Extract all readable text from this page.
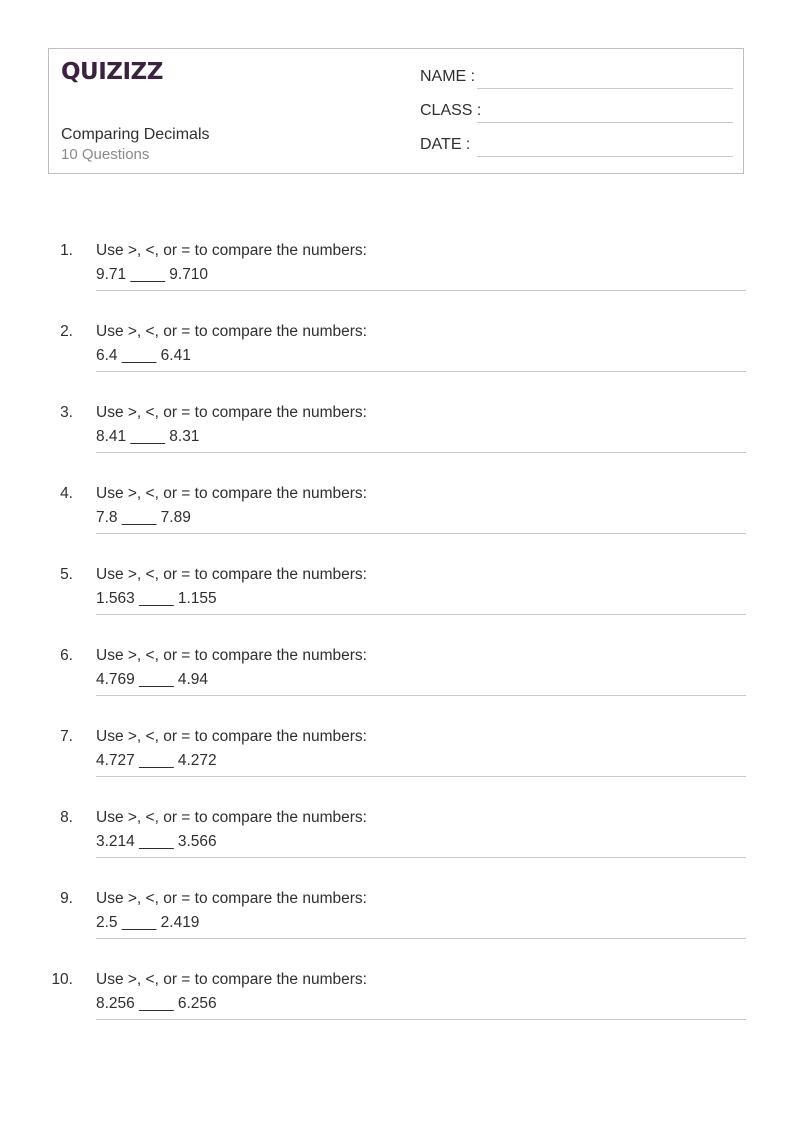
QUIZIZZ
Comparing Decimals
10 Questions
NAME :
CLASS :
DATE :
1. Use >, <, or = to compare the numbers:
9.71 ____ 9.710
2. Use >, <, or = to compare the numbers:
6.4 ____ 6.41
3. Use >, <, or = to compare the numbers:
8.41 ____ 8.31
4. Use >, <, or = to compare the numbers:
7.8 ____ 7.89
5. Use >, <, or = to compare the numbers:
1.563 ____ 1.155
6. Use >, <, or = to compare the numbers:
4.769 ____ 4.94
7. Use >, <, or = to compare the numbers:
4.727 ____ 4.272
8. Use >, <, or = to compare the numbers:
3.214 ____ 3.566
9. Use >, <, or = to compare the numbers:
2.5 ____ 2.419
10. Use >, <, or = to compare the numbers:
8.256 ____ 6.256
